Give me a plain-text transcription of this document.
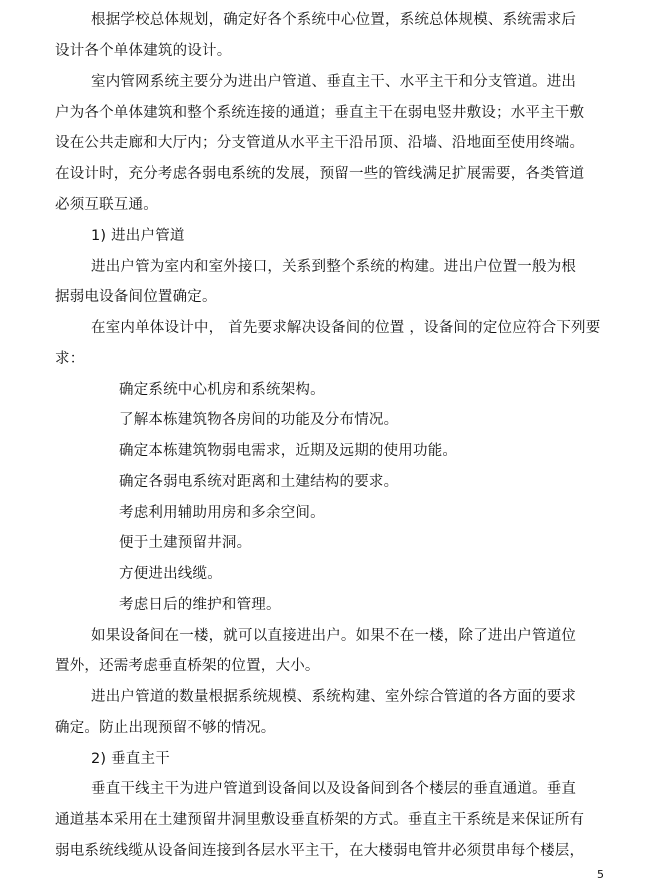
根据学校总体规划，确定好各个系统中心位置，系统总体规模、系统需求后
设计各个单体建筑的设计。
室内管网系统主要分为进出户管道、垂直主干、水平主干和分支管道。进出
户为各个单体建筑和整个系统连接的通道；垂直主干在弱电竖井敷设；水平主干敷
设在公共走廊和大厅内；分支管道从水平主干沿吊顶、沿墙、沿地面至使用终端。
在设计时，充分考虑各弱电系统的发展，预留一些的管线满足扩展需要，各类管道
必须互联互通。
1) 进出户管道
进出户管为室内和室外接口，关系到整个系统的构建。进出户位置一般为根
据弱电设备间位置确定。
在室内单体设计中， 首先要求解决设备间的位置 ，设备间的定位应符合下列要
求：
确定系统中心机房和系统架构。
了解本栋建筑物各房间的功能及分布情况。
确定本栋建筑物弱电需求，近期及远期的使用功能。
确定各弱电系统对距离和土建结构的要求。
考虑利用辅助用房和多余空间。
便于土建预留井洞。
方便进出线缆。
考虑日后的维护和管理。
如果设备间在一楼，就可以直接进出户。如果不在一楼，除了进出户管道位
置外，还需考虑垂直桥架的位置，大小。
进出户管道的数量根据系统规模、系统构建、室外综合管道的各方面的要求
确定。防止出现预留不够的情况。
2) 垂直主干
垂直干线主干为进户管道到设备间以及设备间到各个楼层的垂直通道。垂直
通道基本采用在土建预留井洞里敷设垂直桥架的方式。垂直主干系统是来保证所有
弱电系统线缆从设备间连接到各层水平主干，在大楼弱电管井必须贯串每个楼层，
5
